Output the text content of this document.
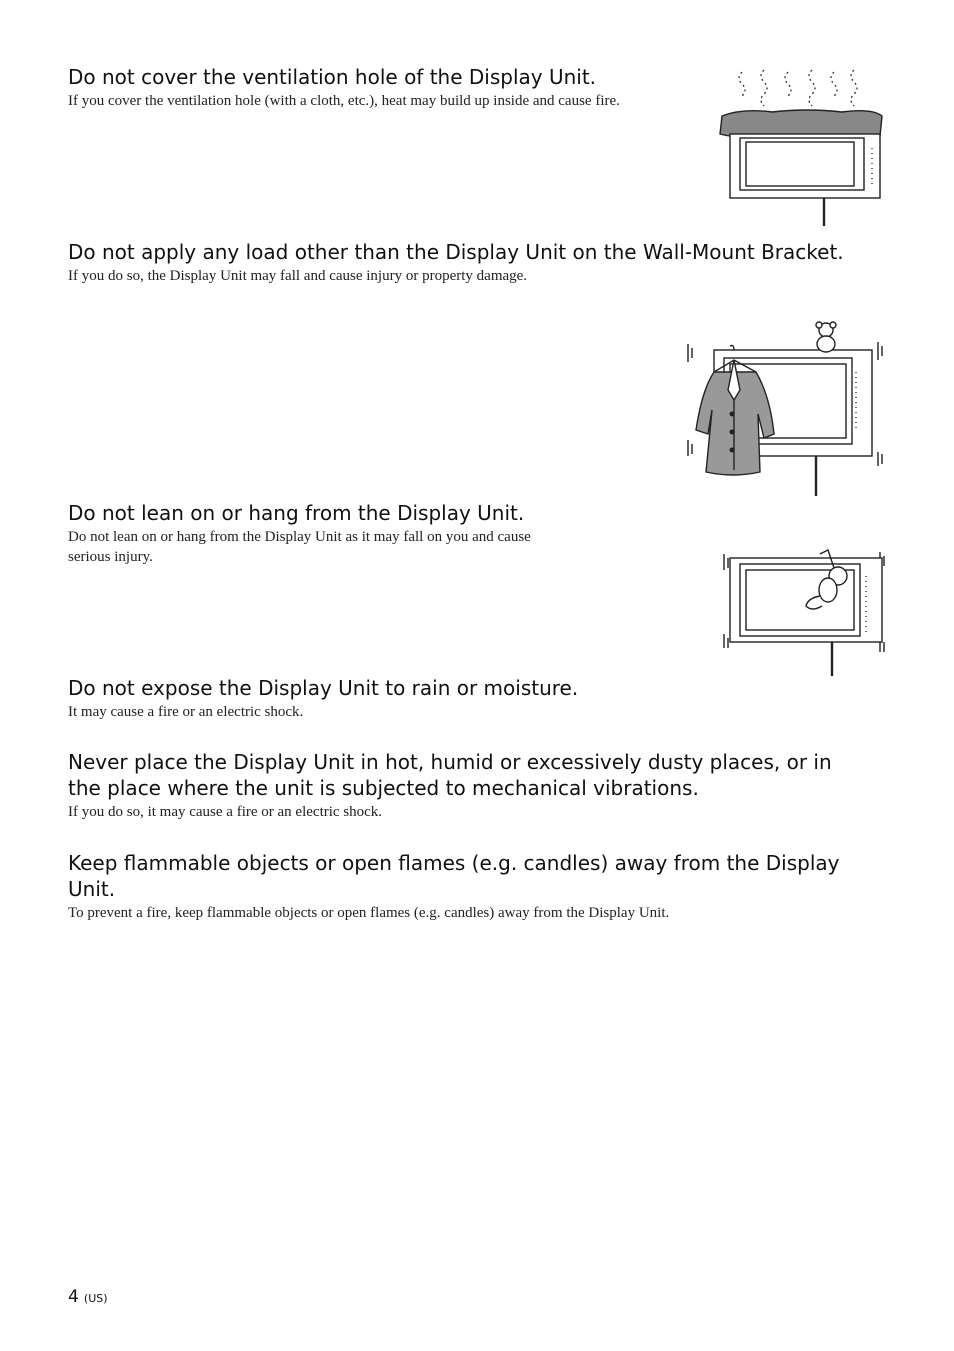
Do not cover the ventilation hole of the Display Unit.

If you cover the ventilation hole (with a cloth, etc.), heat may build up inside and cause fire.

Do not apply any load other than the Display Unit on the Wall-Mount Bracket.

If you do so, the Display Unit may fall and cause injury or property damage.

Do not lean on or hang from the Display Unit.

Do not lean on or hang from the Display Unit as it may fall on you and cause serious injury.

Do not expose the Display Unit to rain or moisture.

It may cause a fire or an electric shock.

Never place the Display Unit in hot, humid or excessively dusty places, or in the place where the unit is subjected to mechanical vibrations.

If you do so, it may cause a fire or an electric shock.

Keep flammable objects or open flames (e.g. candles) away from the Display Unit.

To prevent a fire, keep flammable objects or open flames (e.g. candles) away from the Display Unit.

4 (US)
